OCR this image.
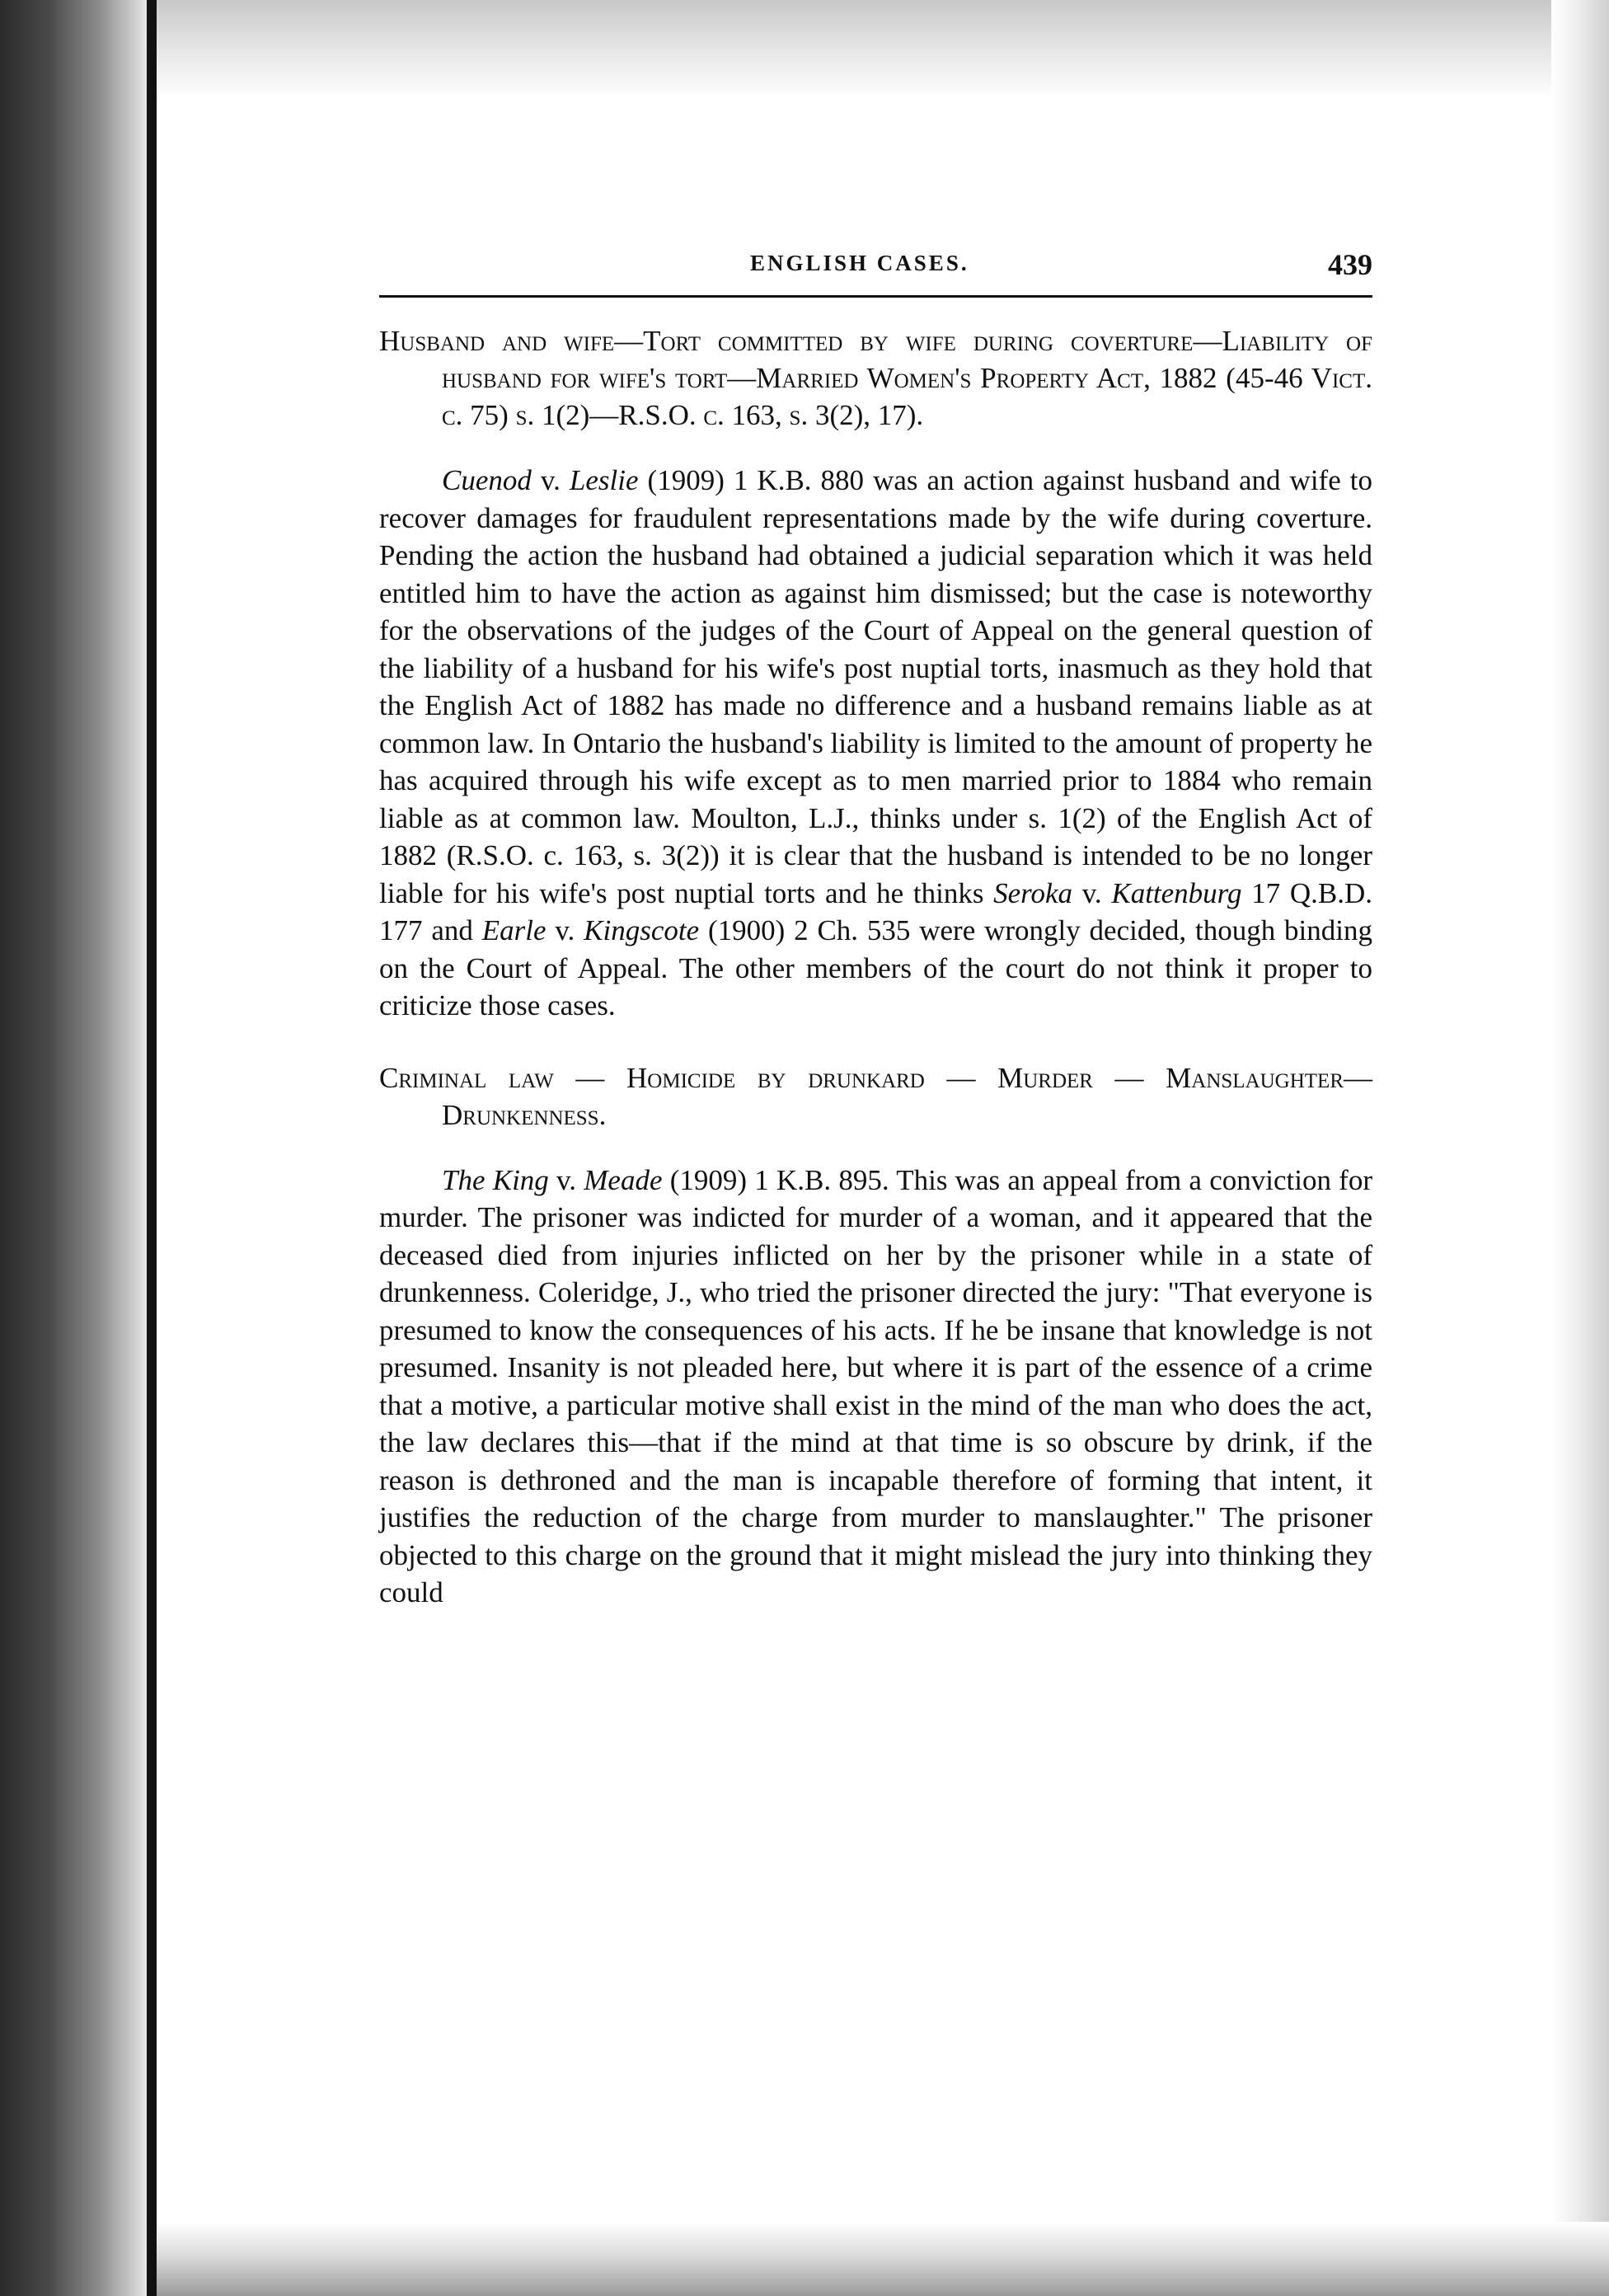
ENGLISH CASES.	439

Husband and wife—Tort committed by wife during coverture—Liability of husband for wife's tort—Married Women's Property Act, 1882 (45-46 Vict. c. 75) s. 1(2)—R.S.O. c. 163, s. 3(2), 17).

Cuenod v. Leslie (1909) 1 K.B. 880 was an action against husband and wife to recover damages for fraudulent representations made by the wife during coverture. Pending the action the husband had obtained a judicial separation which it was held entitled him to have the action as against him dismissed; but the case is noteworthy for the observations of the judges of the Court of Appeal on the general question of the liability of a husband for his wife's post nuptial torts, inasmuch as they hold that the English Act of 1882 has made no difference and a husband remains liable as at common law. In Ontario the husband's liability is limited to the amount of property he has acquired through his wife except as to men married prior to 1884 who remain liable as at common law. Moulton, L.J., thinks under s. 1(2) of the English Act of 1882 (R.S.O. c. 163, s. 3(2)) it is clear that the husband is intended to be no longer liable for his wife's post nuptial torts and he thinks Seroka v. Kattenburg 17 Q.B.D. 177 and Earle v. Kingscote (1900) 2 Ch. 535 were wrongly decided, though binding on the Court of Appeal. The other members of the court do not think it proper to criticize those cases.

Criminal law — Homicide by drunkard — Murder — Manslaughter—Drunkenness.

The King v. Meade (1909) 1 K.B. 895. This was an appeal from a conviction for murder. The prisoner was indicted for murder of a woman, and it appeared that the deceased died from injuries inflicted on her by the prisoner while in a state of drunkenness. Coleridge, J., who tried the prisoner directed the jury: "That everyone is presumed to know the consequences of his acts. If he be insane that knowledge is not presumed. Insanity is not pleaded here, but where it is part of the essence of a crime that a motive, a particular motive shall exist in the mind of the man who does the act, the law declares this—that if the mind at that time is so obscure by drink, if the reason is dethroned and the man is incapable therefore of forming that intent, it justifies the reduction of the charge from murder to manslaughter." The prisoner objected to this charge on the ground that it might mislead the jury into thinking they could
